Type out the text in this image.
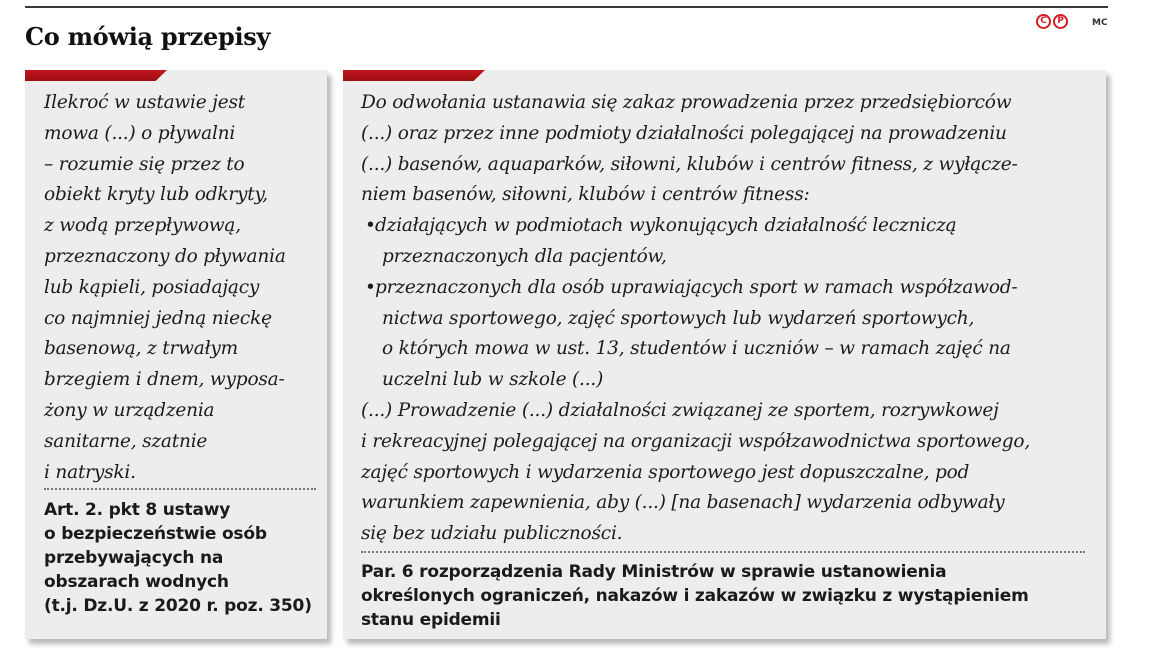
Co mówią przepisy
C	P	MC
Ilekroć w ustawie jest
mowa (...) o pływalni
– rozumie się przez to
obiekt kryty lub odkryty,
z wodą przepływową,
przeznaczony do pływania
lub kąpieli, posiadający
co najmniej jedną nieckę
basenową, z trwałym
brzegiem i dnem, wyposa-
żony w urządzenia
sanitarne, szatnie
i natryski.
Art. 2. pkt 8 ustawy
o bezpieczeństwie osób
przebywających na
obszarach wodnych
(t.j. Dz.U. z 2020 r. poz. 350)
Do odwołania ustanawia się zakaz prowadzenia przez przedsiębiorców
(...) oraz przez inne podmioty działalności polegającej na prowadzeniu
(...) basenów, aquaparków, siłowni, klubów i centrów fitness, z wyłącze-
niem basenów, siłowni, klubów i centrów fitness:
•działających w podmiotach wykonujących działalność leczniczą
przeznaczonych dla pacjentów,
•przeznaczonych dla osób uprawiających sport w ramach współzawod-
nictwa sportowego, zajęć sportowych lub wydarzeń sportowych,
o których mowa w ust. 13, studentów i uczniów – w ramach zajęć na
uczelni lub w szkole (...)
(...) Prowadzenie (...) działalności związanej ze sportem, rozrywkowej
i rekreacyjnej polegającej na organizacji współzawodnictwa sportowego,
zajęć sportowych i wydarzenia sportowego jest dopuszczalne, pod
warunkiem zapewnienia, aby (...) [na basenach] wydarzenia odbywały
się bez udziału publiczności.
Par. 6 rozporządzenia Rady Ministrów w sprawie ustanowienia
określonych ograniczeń, nakazów i zakazów w związku z wystąpieniem
stanu epidemii
